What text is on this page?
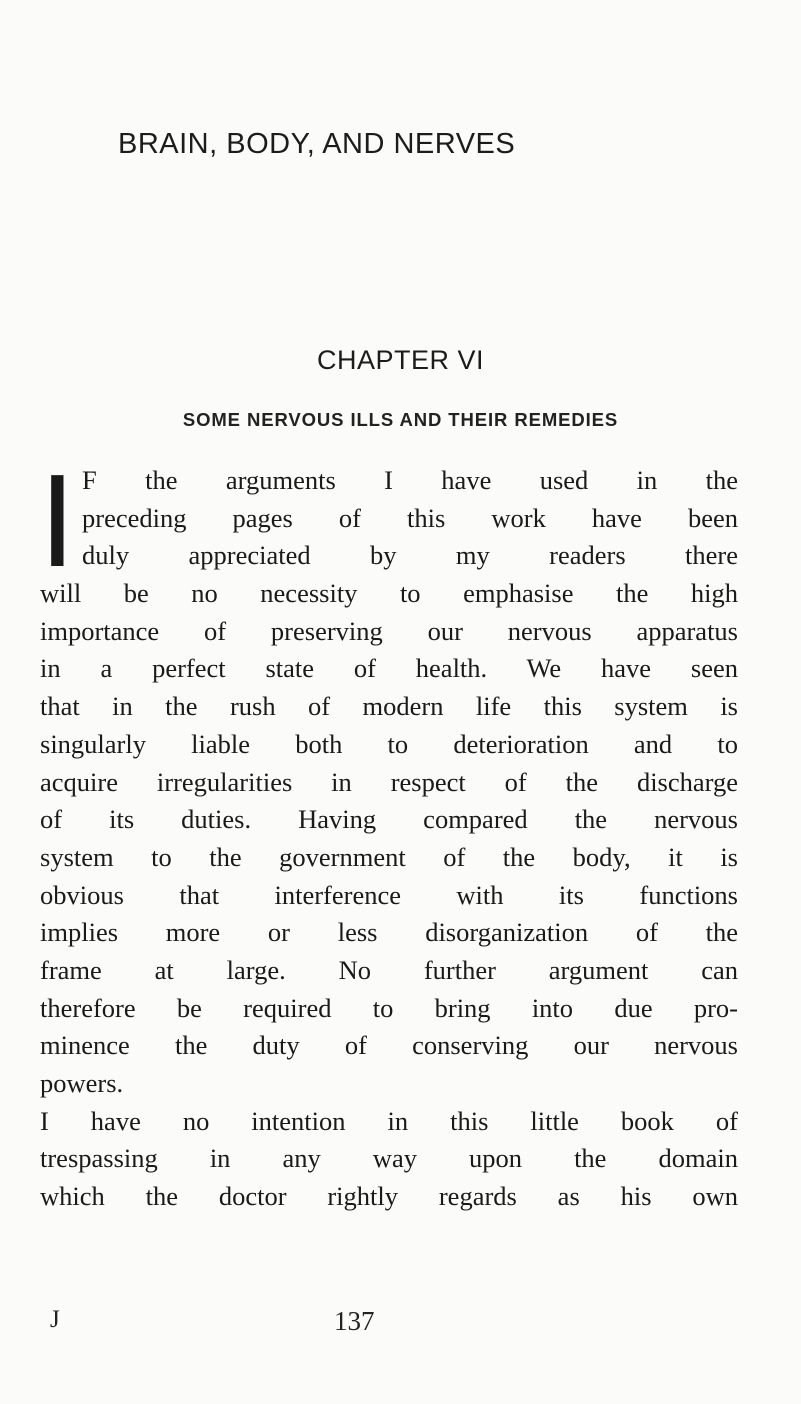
BRAIN, BODY, AND NERVES
CHAPTER VI
SOME NERVOUS ILLS AND THEIR REMEDIES
I F the arguments I have used in the
preceding pages of this work have been
duly appreciated by my readers there
will be no necessity to emphasise the high
importance of preserving our nervous apparatus
in a perfect state of health. We have seen
that in the rush of modern life this system is
singularly liable both to deterioration and to
acquire irregularities in respect of the discharge
of its duties. Having compared the nervous
system to the government of the body, it is
obvious that interference with its functions
implies more or less disorganization of the
frame at large. No further argument can
therefore be required to bring into due pro-
minence the duty of conserving our nervous
powers.
I have no intention in this little book of
trespassing in any way upon the domain
which the doctor rightly regards as his own
J	137
